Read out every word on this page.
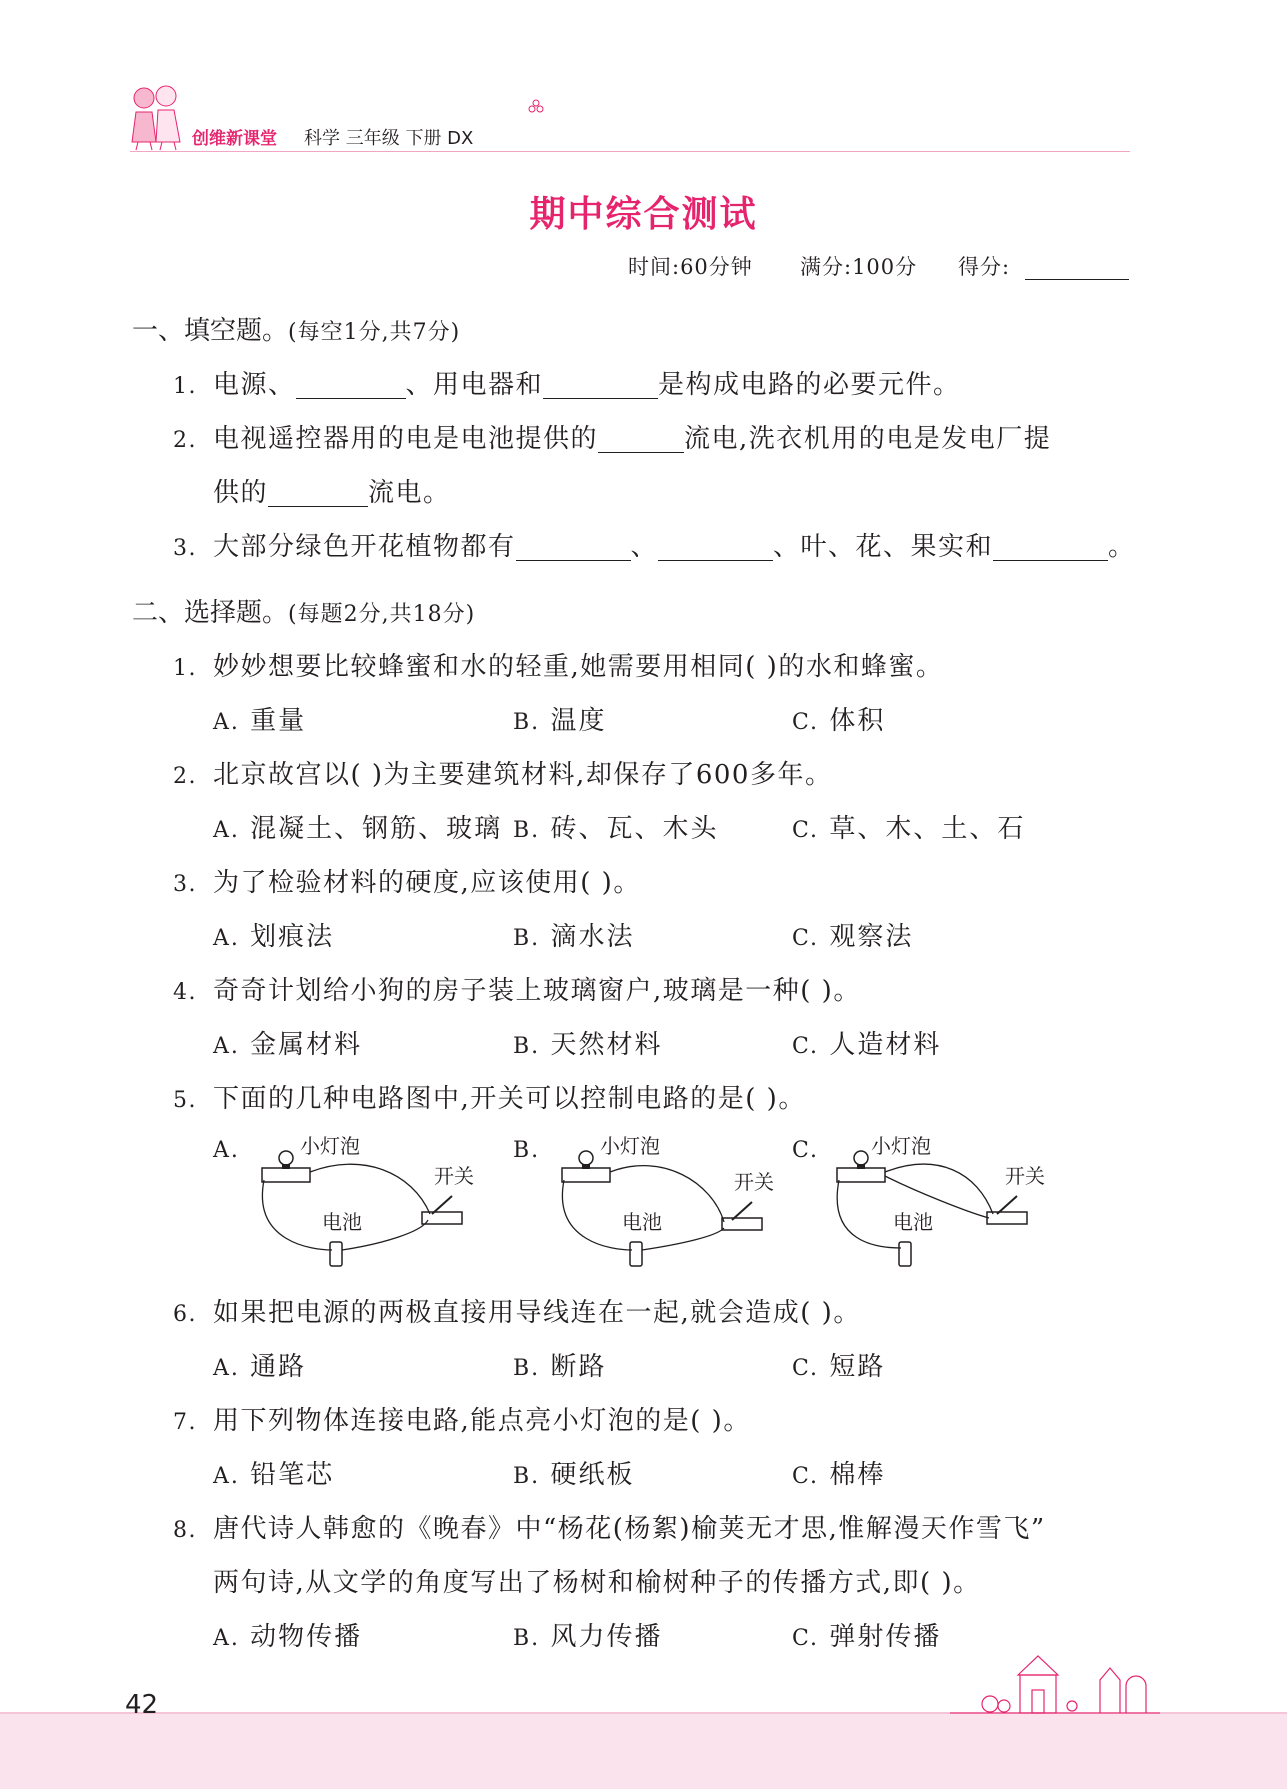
创维新课堂 科学 三年级 下册 DX
期中综合测试
时间:60分钟 满分:100分 得分:
一、填空题。(每空1分,共7分)
1. 电源、	、用电器和	是构成电路的必要元件。
2. 电视遥控器用的电是电池提供的	流电,洗衣机用的电是发电厂提
供的	流电。
3. 大部分绿色开花植物都有	、	、叶、花、果实和	。
二、选择题。(每题2分,共18分)
1. 妙妙想要比较蜂蜜和水的轻重,她需要用相同( )的水和蜂蜜。
A. 重量	B. 温度	C. 体积
2. 北京故宫以( )为主要建筑材料,却保存了600多年。
A. 混凝土、钢筋、玻璃 B. 砖、瓦、木头	C. 草、木、土、石
3. 为了检验材料的硬度,应该使用( )。
A. 划痕法	B. 滴水法	C. 观察法
4. 奇奇计划给小狗的房子装上玻璃窗户,玻璃是一种( )。
A. 金属材料	B. 天然材料	C. 人造材料
5. 下面的几种电路图中,开关可以控制电路的是( )。
A.	B.	C.
小灯泡
开关
电池
小灯泡
开关
电池
小灯泡
开关
电池
6. 如果把电源的两极直接用导线连在一起,就会造成( )。
A. 通路	B. 断路	C. 短路
7. 用下列物体连接电路,能点亮小灯泡的是( )。
A. 铅笔芯	B. 硬纸板	C. 棉棒
8. 唐代诗人韩愈的《晚春》中“杨花(杨絮)榆荚无才思,惟解漫天作雪飞”
两句诗,从文学的角度写出了杨树和榆树种子的传播方式,即( )。
A. 动物传播	B. 风力传播	C. 弹射传播
42
